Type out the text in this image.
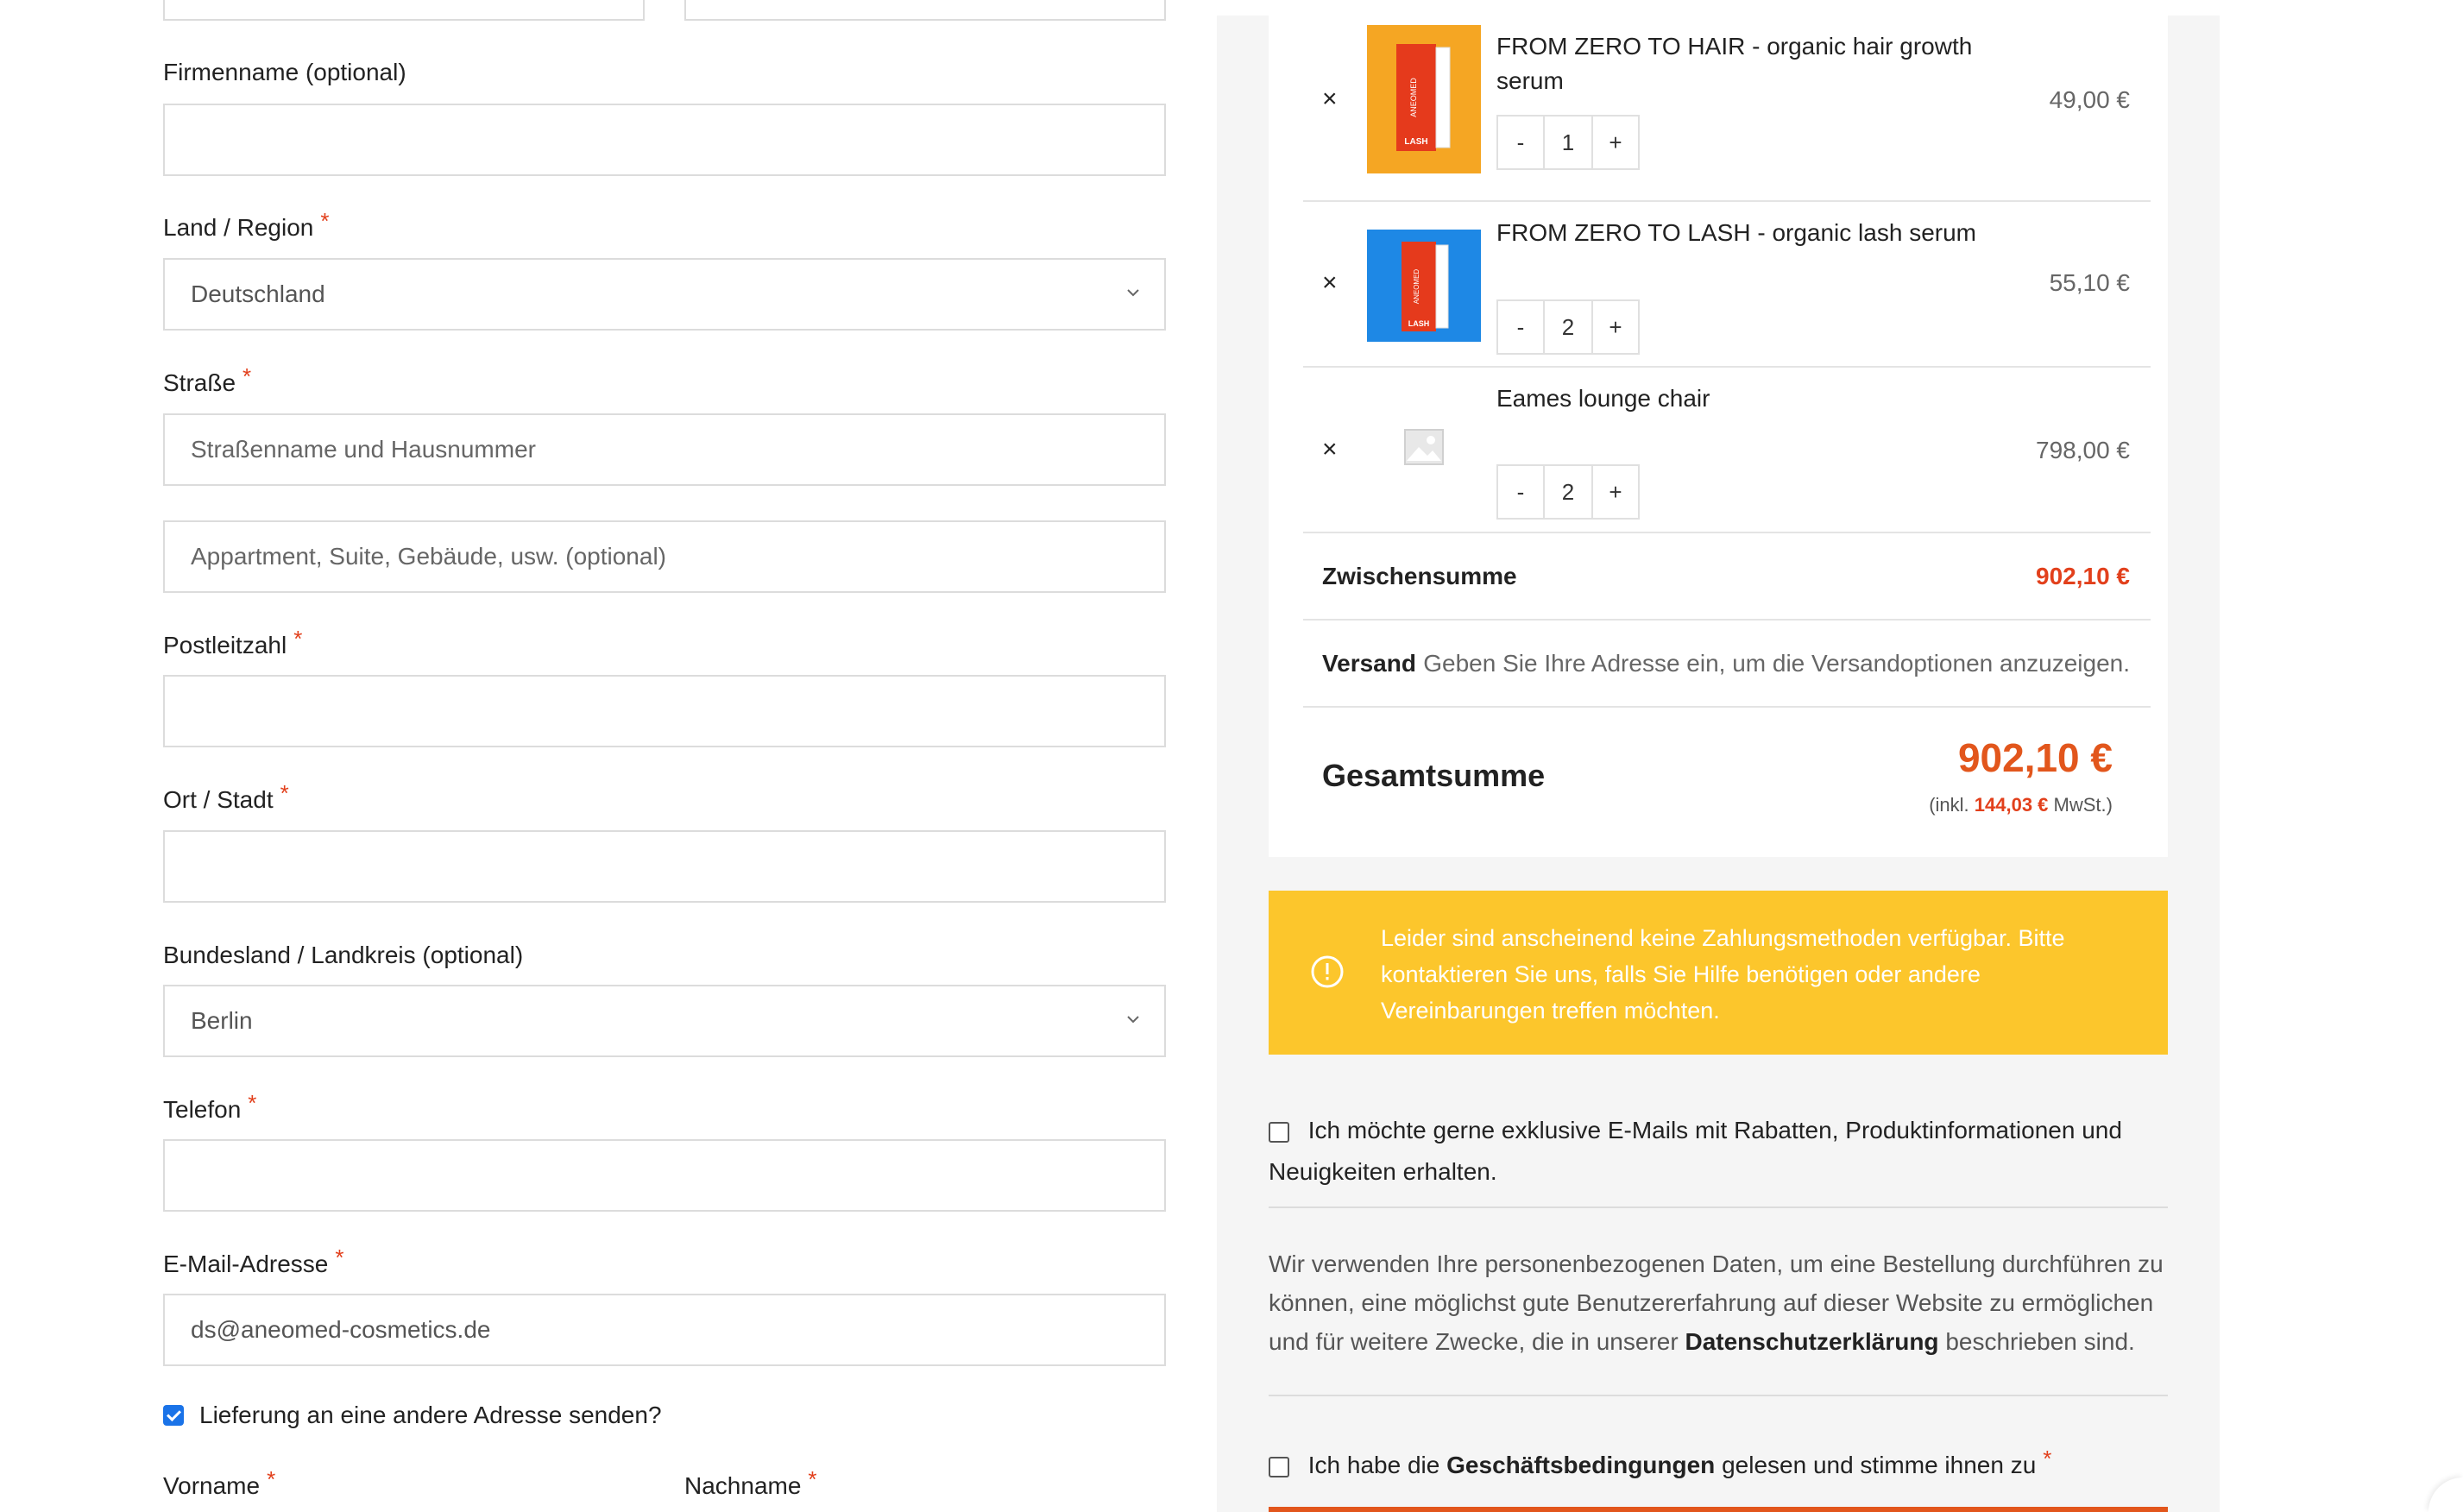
Firmenname (optional)
Land / Region *
Deutschland
Straße *
Straßenname und Hausnummer
Appartment, Suite, Gebäude, usw. (optional)
Postleitzahl *
Ort / Stadt *
Bundesland / Landkreis (optional)
Berlin
Telefon *
E-Mail-Adresse *
ds@aneomed-cosmetics.de
Lieferung an eine andere Adresse senden?
Vorname *	Nachname *
×	ANEOMED
LASH
FROM ZERO TO HAIR - organic hair growth serum
-	1	+
49,00 €
×	ANEOMED
LASH
FROM ZERO TO LASH - organic lash serum
-	2	+
55,10 €
×
Eames lounge chair
-	2	+
798,00 €
Zwischensumme	902,10 €
Versand Geben Sie Ihre Adresse ein, um die Versandoptionen anzuzeigen.
Gesamtsumme	902,10 €
(inkl. 144,03 € MwSt.)
Leider sind anscheinend keine Zahlungsmethoden verfügbar. Bitte kontaktieren Sie uns, falls Sie Hilfe benötigen oder andere Vereinbarungen treffen möchten.
Ich möchte gerne exklusive E-Mails mit Rabatten, Produktinformationen und Neuigkeiten erhalten.
Wir verwenden Ihre personenbezogenen Daten, um eine Bestellung durchführen zu können, eine möglichst gute Benutzererfahrung auf dieser Website zu ermöglichen und für weitere Zwecke, die in unserer Datenschutzerklärung beschrieben sind.
Ich habe die Geschäftsbedingungen gelesen und stimme ihnen zu *
